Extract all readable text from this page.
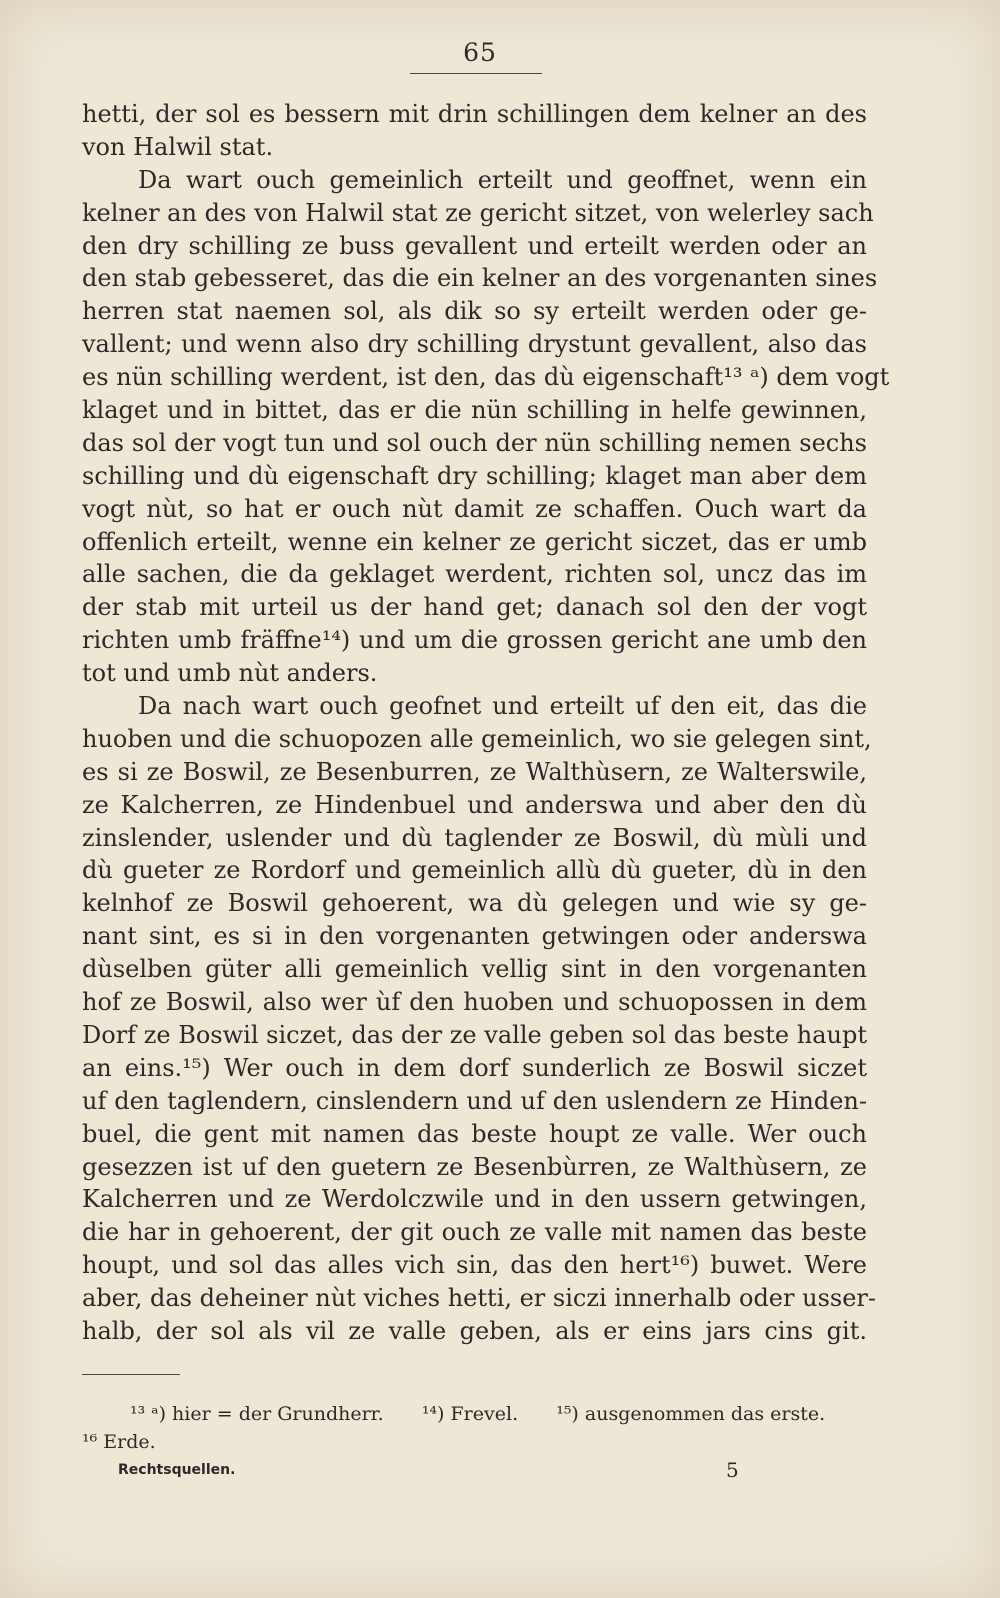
65
hetti, der sol es bessern mit drin schillingen dem kelner an des
von Halwil stat.
Da wart ouch gemeinlich erteilt und geoffnet, wenn ein
kelner an des von Halwil stat ze gericht sitzet, von welerley sach
den dry schilling ze buss gevallent und erteilt werden oder an
den stab gebesseret, das die ein kelner an des vorgenanten sines
herren stat naemen sol, als dik so sy erteilt werden oder ge-
vallent; und wenn also dry schilling drystunt gevallent, also das
es nün schilling werdent, ist den, das dù eigenschaft¹³ ᵃ) dem vogt
klaget und in bittet, das er die nün schilling in helfe gewinnen,
das sol der vogt tun und sol ouch der nün schilling nemen sechs
schilling und dù eigenschaft dry schilling; klaget man aber dem
vogt nùt, so hat er ouch nùt damit ze schaffen. Ouch wart da
offenlich erteilt, wenne ein kelner ze gericht siczet, das er umb
alle sachen, die da geklaget werdent, richten sol, uncz das im
der stab mit urteil us der hand get; danach sol den der vogt
richten umb fräffne¹⁴) und um die grossen gericht ane umb den
tot und umb nùt anders.
Da nach wart ouch geofnet und erteilt uf den eit, das die
huoben und die schuopozen alle gemeinlich, wo sie gelegen sint,
es si ze Boswil, ze Besenburren, ze Walthùsern, ze Walterswile,
ze Kalcherren, ze Hindenbuel und anderswa und aber den dù
zinslender, uslender und dù taglender ze Boswil, dù mùli und
dù gueter ze Rordorf und gemeinlich allù dù gueter, dù in den
kelnhof ze Boswil gehoerent, wa dù gelegen und wie sy ge-
nant sint, es si in den vorgenanten getwingen oder anderswa
dùselben güter alli gemeinlich vellig sint in den vorgenanten
hof ze Boswil, also wer ùf den huoben und schuopossen in dem
Dorf ze Boswil siczet, das der ze valle geben sol das beste haupt
an eins.¹⁵) Wer ouch in dem dorf sunderlich ze Boswil siczet
uf den taglendern, cinslendern und uf den uslendern ze Hinden-
buel, die gent mit namen das beste houpt ze valle. Wer ouch
gesezzen ist uf den guetern ze Besenbùrren, ze Walthùsern, ze
Kalcherren und ze Werdolczwile und in den ussern getwingen,
die har in gehoerent, der git ouch ze valle mit namen das beste
houpt, und sol das alles vich sin, das den hert¹⁶) buwet. Were
aber, das deheiner nùt viches hetti, er siczi innerhalb oder usser-
halb, der sol als vil ze valle geben, als er eins jars cins git.
¹³ ᵃ) hier = der Grundherr. ¹⁴) Frevel. ¹⁵) ausgenommen das erste.
¹⁶ Erde.
Rechtsquellen.	5
